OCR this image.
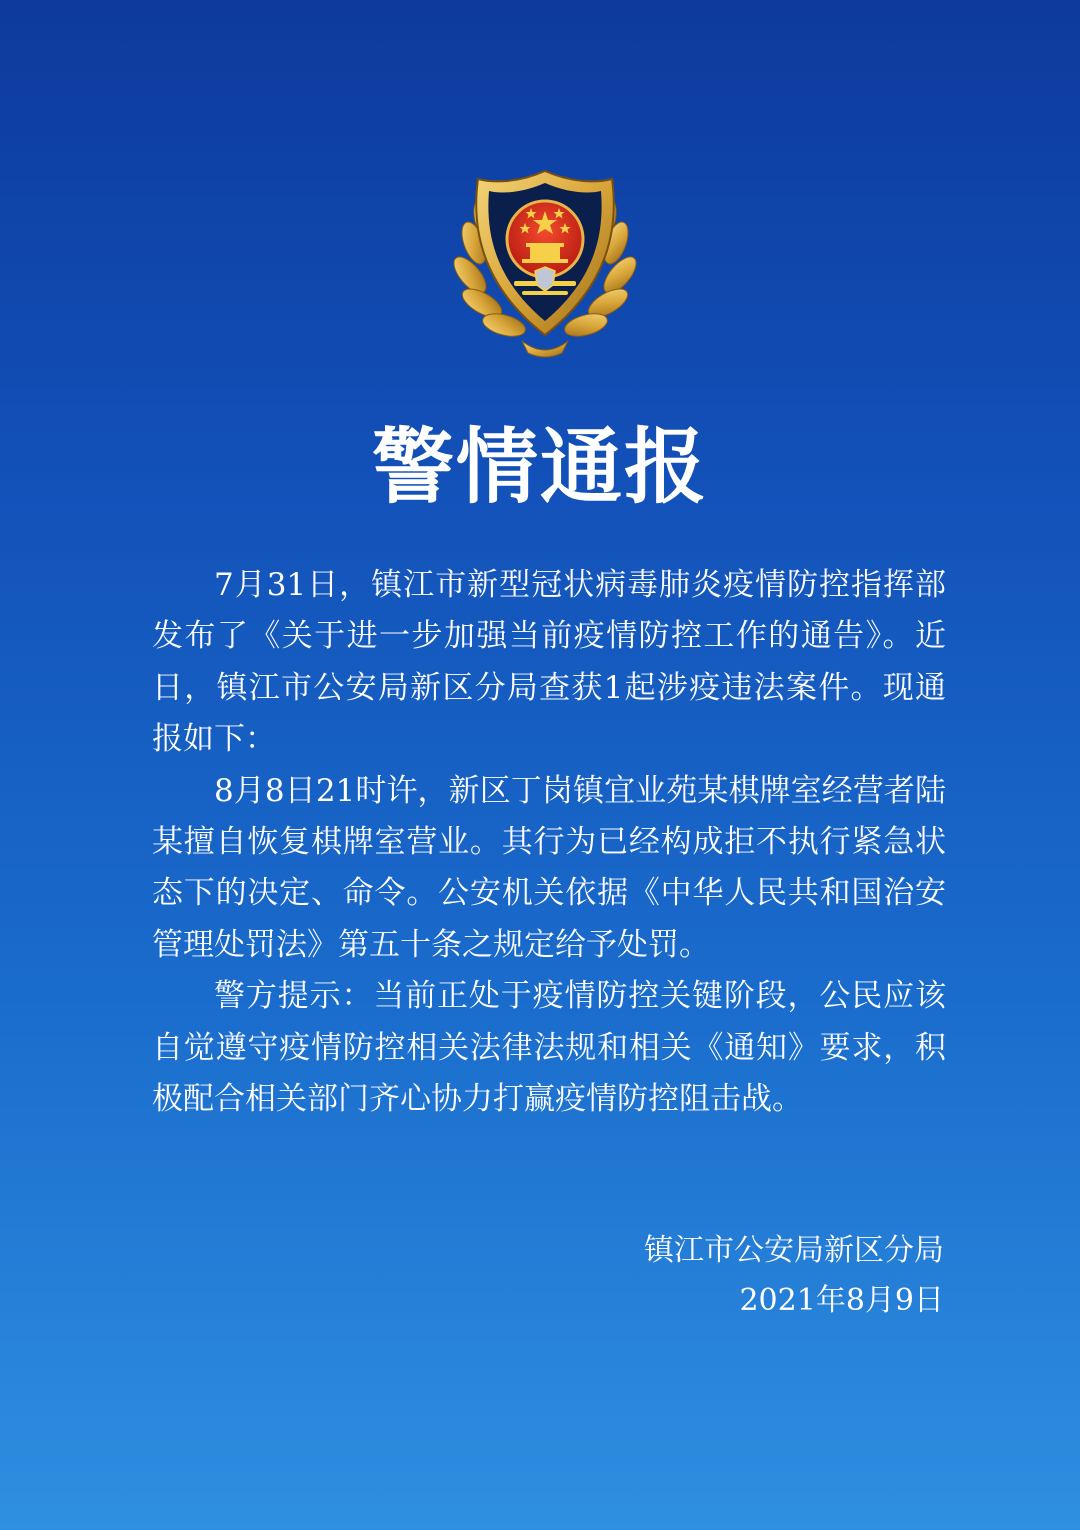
警情通报

7月31日，镇江市新型冠状病毒肺炎疫情防控指挥部发布了《关于进一步加强当前疫情防控工作的通告》。近日，镇江市公安局新区分局查获1起涉疫违法案件。现通报如下：

8月8日21时许，新区丁岗镇宜业苑某棋牌室经营者陆某擅自恢复棋牌室营业。其行为已经构成拒不执行紧急状态下的决定、命令。公安机关依据《中华人民共和国治安管理处罚法》第五十条之规定给予处罚。

警方提示：当前正处于疫情防控关键阶段，公民应该自觉遵守疫情防控相关法律法规和相关《通知》要求，积极配合相关部门齐心协力打赢疫情防控阻击战。

镇江市公安局新区分局
2021年8月9日
